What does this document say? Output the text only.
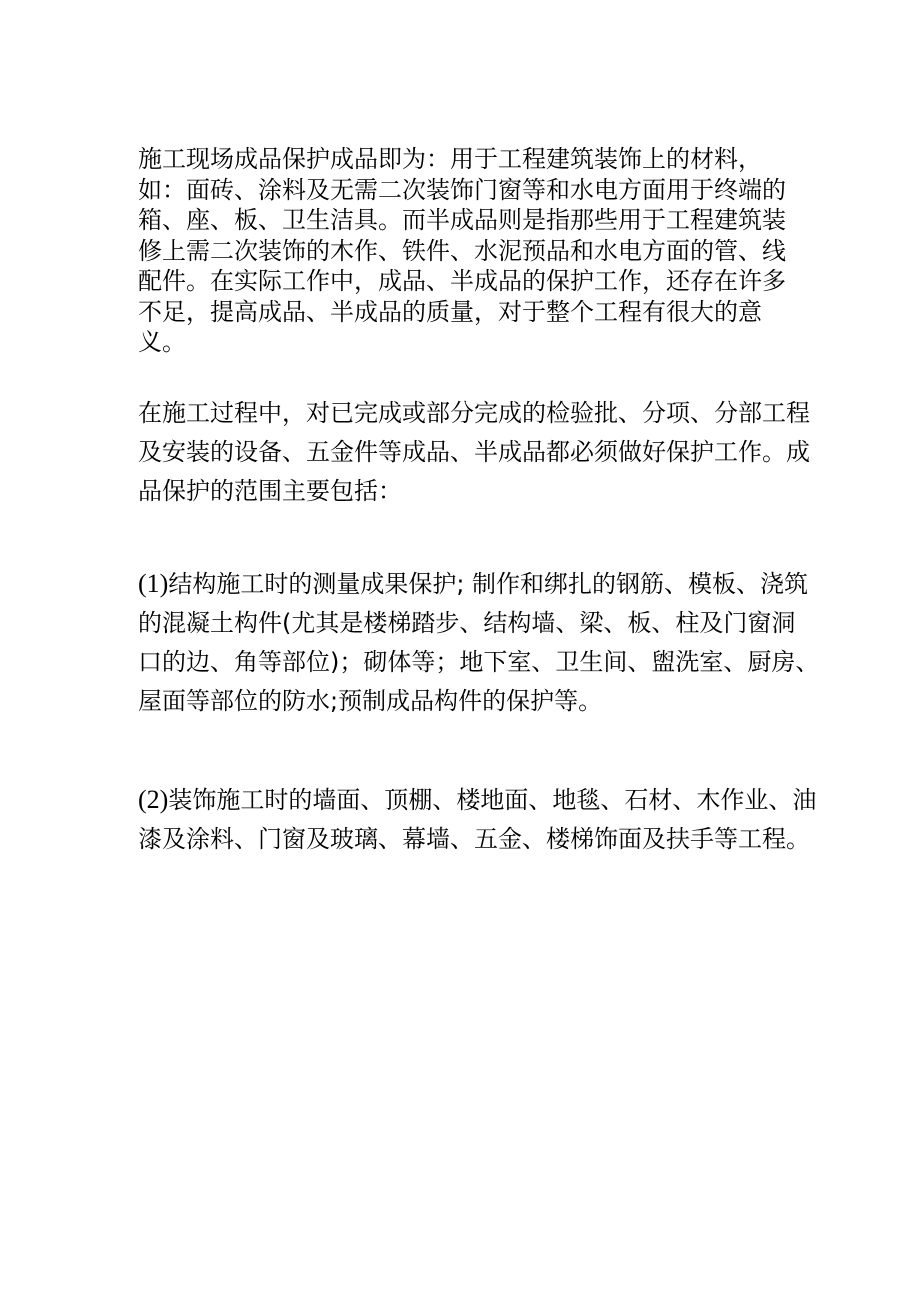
施工现场成品保护成品即为：用于工程建筑装饰上的材料，
如：面砖、涂料及无需二次装饰门窗等和水电方面用于终端的
箱、座、板、卫生洁具。而半成品则是指那些用于工程建筑装
修上需二次装饰的木作、铁件、水泥预品和水电方面的管、线
配件。在实际工作中，成品、半成品的保护工作，还存在许多
不足，提高成品、半成品的质量，对于整个工程有很大的意
义。

在施工过程中，对已完成或部分完成的检验批、分项、分部工程
及安装的设备、五金件等成品、半成品都必须做好保护工作。成
品保护的范围主要包括：

(1)结构施工时的测量成果保护; 制作和绑扎的钢筋、模板、浇筑
的混凝土构件(尤其是楼梯踏步、结构墙、梁、板、柱及门窗洞
口的边、角等部位)；砌体等；地下室、卫生间、盥洗室、厨房、
屋面等部位的防水;预制成品构件的保护等。

(2)装饰施工时的墙面、顶棚、楼地面、地毯、石材、木作业、油
漆及涂料、门窗及玻璃、幕墙、五金、楼梯饰面及扶手等工程。
